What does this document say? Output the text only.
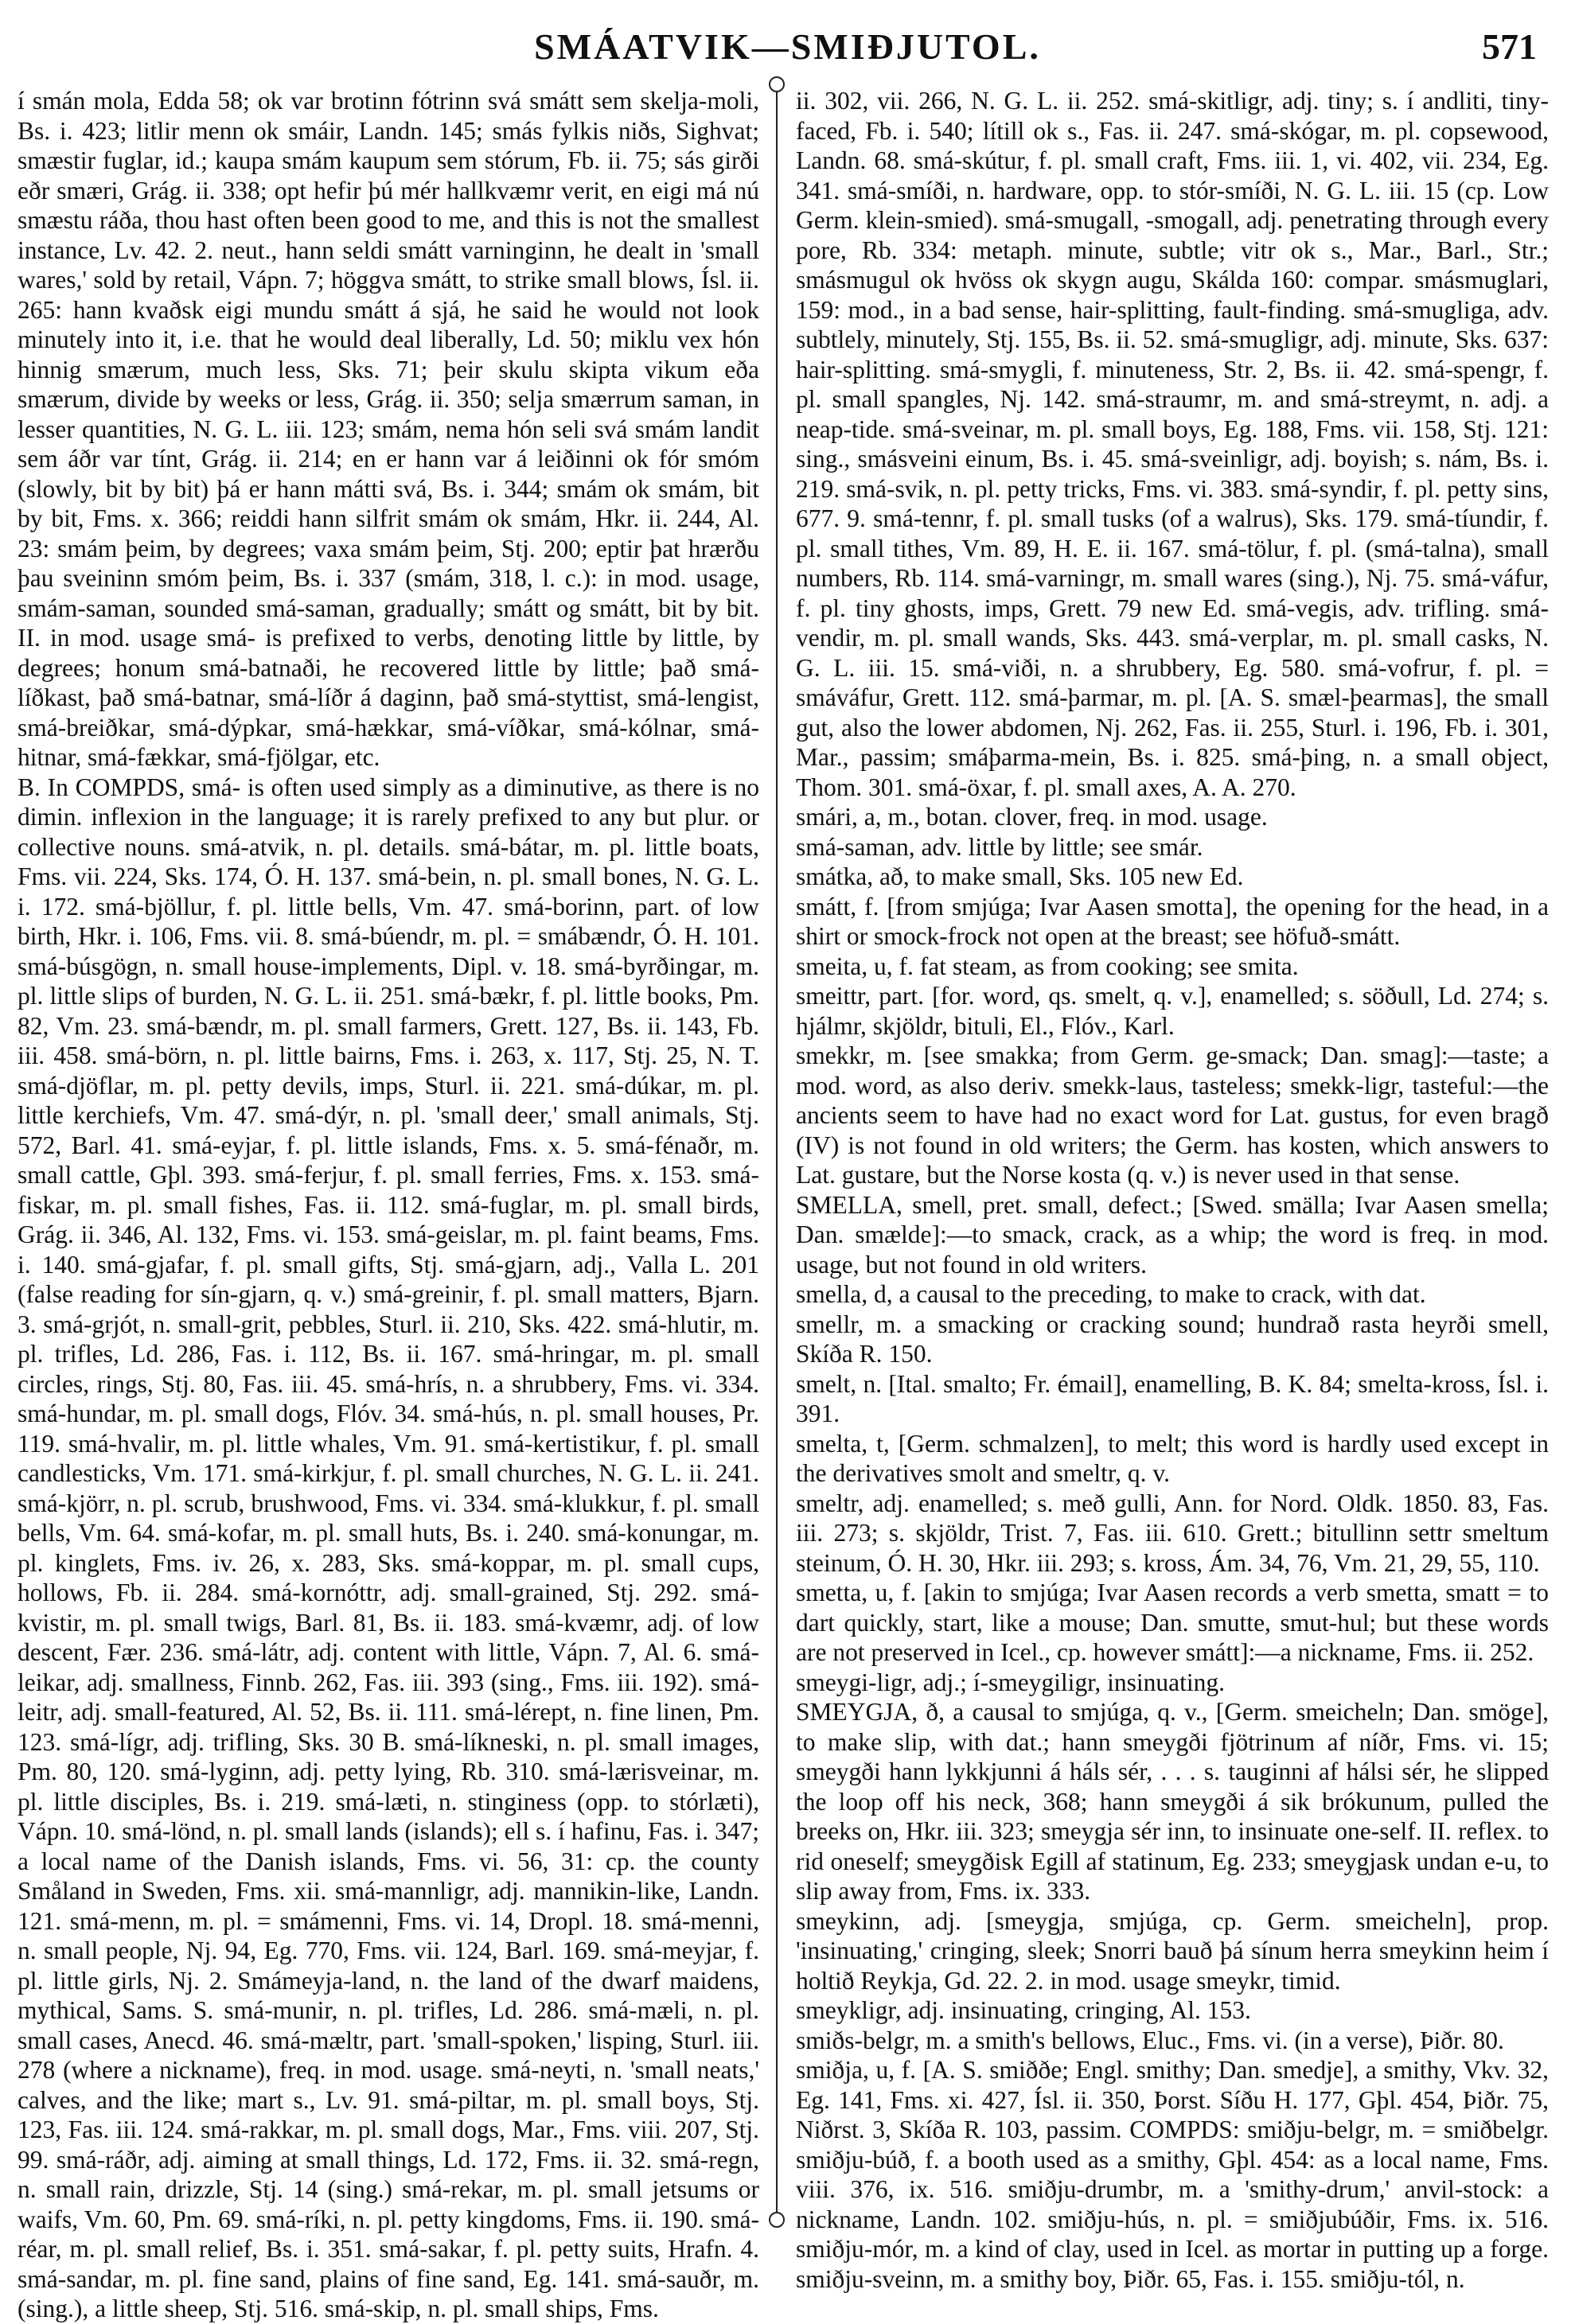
SMÁATVIK—SMIÐJUTOL.	571

í smán mola, Edda 58; ok var brotinn fótrinn svá smátt sem skelja-moli, Bs. i. 423; litlir menn ok smáir, Landn. 145; smás fylkis niðs, Sighvat; smæstir fuglar, id.; kaupa smám kaupum sem stórum, Fb. ii. 75; sás girði eðr smæri, Grág. ii. 338; opt hefir þú mér hallkvæmr verit, en eigi má nú smæstu ráða, thou hast often been good to me, and this is not the smallest instance, Lv. 42. 2. neut., hann seldi smátt varninginn, he dealt in 'small wares,' sold by retail, Vápn. 7; höggva smátt, to strike small blows, Ísl. ii. 265: hann kvaðsk eigi mundu smátt á sjá, he said he would not look minutely into it, i.e. that he would deal liberally, Ld. 50; miklu vex hón hinnig smærum, much less, Sks. 71; þeir skulu skipta vikum eða smærum, divide by weeks or less, Grág. ii. 350; selja smærrum saman, in lesser quantities, N. G. L. iii. 123; smám, nema hón seli svá smám landit sem áðr var tínt, Grág. ii. 214; en er hann var á leiðinni ok fór smóm (slowly, bit by bit) þá er hann mátti svá, Bs. i. 344; smám ok smám, bit by bit, Fms. x. 366; reiddi hann silfrit smám ok smám, Hkr. ii. 244, Al. 23: smám þeim, by degrees; vaxa smám þeim, Stj. 200; eptir þat hrærðu þau sveininn smóm þeim, Bs. i. 337 (smám, 318, l. c.): in mod. usage, smám-saman, sounded smá-saman, gradually; smátt og smátt, bit by bit. II. in mod. usage smá- is prefixed to verbs, denoting little by little, by degrees; honum smá-batnaði, he recovered little by little; það smá-líðkast, það smá-batnar, smá-líðr á daginn, það smá-styttist, smá-lengist, smá-breiðkar, smá-dýpkar, smá-hækkar, smá-víðkar, smá-kólnar, smá-hitnar, smá-fækkar, smá-fjölgar, etc.

B. In COMPDS, smá- is often used simply as a diminutive, as there is no dimin. inflexion in the language; it is rarely prefixed to any but plur. or collective nouns. smá-atvik, n. pl. details. smá-bátar, m. pl. little boats, Fms. vii. 224, Sks. 174, Ó. H. 137. smá-bein, n. pl. small bones, N. G. L. i. 172. smá-bjöllur, f. pl. little bells, Vm. 47. smá-borinn, part. of low birth, Hkr. i. 106, Fms. vii. 8. smá-búendr, m. pl. = smábændr, Ó. H. 101. smá-búsgögn, n. small house-implements, Dipl. v. 18. smá-byrðingar, m. pl. little slips of burden, N. G. L. ii. 251. smá-bækr, f. pl. little books, Pm. 82, Vm. 23. smá-bændr, m. pl. small farmers, Grett. 127, Bs. ii. 143, Fb. iii. 458. smá-börn, n. pl. little bairns, Fms. i. 263, x. 117, Stj. 25, N. T. smá-djöflar, m. pl. petty devils, imps, Sturl. ii. 221. smá-dúkar, m. pl. little kerchiefs, Vm. 47. smá-dýr, n. pl. 'small deer,' small animals, Stj. 572, Barl. 41. smá-eyjar, f. pl. little islands, Fms. x. 5. smá-fénaðr, m. small cattle, Gþl. 393. smá-ferjur, f. pl. small ferries, Fms. x. 153. smá-fiskar, m. pl. small fishes, Fas. ii. 112. smá-fuglar, m. pl. small birds, Grág. ii. 346, Al. 132, Fms. vi. 153. smá-geislar, m. pl. faint beams, Fms. i. 140. smá-gjafar, f. pl. small gifts, Stj. smá-gjarn, adj., Valla L. 201 (false reading for sín-gjarn, q. v.) smá-greinir, f. pl. small matters, Bjarn. 3. smá-grjót, n. small-grit, pebbles, Sturl. ii. 210, Sks. 422. smá-hlutir, m. pl. trifles, Ld. 286, Fas. i. 112, Bs. ii. 167. smá-hringar, m. pl. small circles, rings, Stj. 80, Fas. iii. 45. smá-hrís, n. a shrubbery, Fms. vi. 334. smá-hundar, m. pl. small dogs, Flóv. 34. smá-hús, n. pl. small houses, Pr. 119. smá-hvalir, m. pl. little whales, Vm. 91. smá-kertistikur, f. pl. small candlesticks, Vm. 171. smá-kirkjur, f. pl. small churches, N. G. L. ii. 241. smá-kjörr, n. pl. scrub, brushwood, Fms. vi. 334. smá-klukkur, f. pl. small bells, Vm. 64. smá-kofar, m. pl. small huts, Bs. i. 240. smá-konungar, m. pl. kinglets, Fms. iv. 26, x. 283, Sks. smá-koppar, m. pl. small cups, hollows, Fb. ii. 284. smá-kornóttr, adj. small-grained, Stj. 292. smá-kvistir, m. pl. small twigs, Barl. 81, Bs. ii. 183. smá-kvæmr, adj. of low descent, Fær. 236. smá-látr, adj. content with little, Vápn. 7, Al. 6. smá-leikar, adj. smallness, Finnb. 262, Fas. iii. 393 (sing., Fms. iii. 192). smá-leitr, adj. small-featured, Al. 52, Bs. ii. 111. smá-lérept, n. fine linen, Pm. 123. smá-lígr, adj. trifling, Sks. 30 B. smá-líkneski, n. pl. small images, Pm. 80, 120. smá-lyginn, adj. petty lying, Rb. 310. smá-lærisveinar, m. pl. little disciples, Bs. i. 219. smá-læti, n. stinginess (opp. to stórlæti), Vápn. 10. smá-lönd, n. pl. small lands (islands); ell s. í hafinu, Fas. i. 347; a local name of the Danish islands, Fms. vi. 56, 31: cp. the county Småland in Sweden, Fms. xii. smá-mannligr, adj. mannikin-like, Landn. 121. smá-menn, m. pl. = smámenni, Fms. vi. 14, Dropl. 18. smá-menni, n. small people, Nj. 94, Eg. 770, Fms. vii. 124, Barl. 169. smá-meyjar, f. pl. little girls, Nj. 2. Smámeyja-land, n. the land of the dwarf maidens, mythical, Sams. S. smá-munir, n. pl. trifles, Ld. 286. smá-mæli, n. pl. small cases, Anecd. 46. smá-mæltr, part. 'small-spoken,' lisping, Sturl. iii. 278 (where a nickname), freq. in mod. usage. smá-neyti, n. 'small neats,' calves, and the like; mart s., Lv. 91. smá-piltar, m. pl. small boys, Stj. 123, Fas. iii. 124. smá-rakkar, m. pl. small dogs, Mar., Fms. viii. 207, Stj. 99. smá-ráðr, adj. aiming at small things, Ld. 172, Fms. ii. 32. smá-regn, n. small rain, drizzle, Stj. 14 (sing.) smá-rekar, m. pl. small jetsums or waifs, Vm. 60, Pm. 69. smá-ríki, n. pl. petty kingdoms, Fms. ii. 190. smá-réar, m. pl. small relief, Bs. i. 351. smá-sakar, f. pl. petty suits, Hrafn. 4. smá-sandar, m. pl. fine sand, plains of fine sand, Eg. 141. smá-sauðr, m. (sing.), a little sheep, Stj. 516. smá-skip, n. pl. small ships, Fms.

ii. 302, vii. 266, N. G. L. ii. 252. smá-skitligr, adj. tiny; s. í andliti, tiny-faced, Fb. i. 540; lítill ok s., Fas. ii. 247. smá-skógar, m. pl. copsewood, Landn. 68. smá-skútur, f. pl. small craft, Fms. iii. 1, vi. 402, vii. 234, Eg. 341. smá-smíði, n. hardware, opp. to stór-smíði, N. G. L. iii. 15 (cp. Low Germ. klein-smied). smá-smugall, -smogall, adj. penetrating through every pore, Rb. 334: metaph. minute, subtle; vitr ok s., Mar., Barl., Str.; smásmugul ok hvöss ok skygn augu, Skálda 160: compar. smásmuglari, 159: mod., in a bad sense, hair-splitting, fault-finding. smá-smugliga, adv. subtlely, minutely, Stj. 155, Bs. ii. 52. smá-smugligr, adj. minute, Sks. 637: hair-splitting. smá-smygli, f. minuteness, Str. 2, Bs. ii. 42. smá-spengr, f. pl. small spangles, Nj. 142. smá-straumr, m. and smá-streymt, n. adj. a neap-tide. smá-sveinar, m. pl. small boys, Eg. 188, Fms. vii. 158, Stj. 121: sing., smásveini einum, Bs. i. 45. smá-sveinligr, adj. boyish; s. nám, Bs. i. 219. smá-svik, n. pl. petty tricks, Fms. vi. 383. smá-syndir, f. pl. petty sins, 677. 9. smá-tennr, f. pl. small tusks (of a walrus), Sks. 179. smá-tíundir, f. pl. small tithes, Vm. 89, H. E. ii. 167. smá-tölur, f. pl. (smá-talna), small numbers, Rb. 114. smá-varningr, m. small wares (sing.), Nj. 75. smá-váfur, f. pl. tiny ghosts, imps, Grett. 79 new Ed. smá-vegis, adv. trifling. smá-vendir, m. pl. small wands, Sks. 443. smá-verplar, m. pl. small casks, N. G. L. iii. 15. smá-viði, n. a shrubbery, Eg. 580. smá-vofrur, f. pl. = smáváfur, Grett. 112. smá-þarmar, m. pl. [A. S. smæl-þearmas], the small gut, also the lower abdomen, Nj. 262, Fas. ii. 255, Sturl. i. 196, Fb. i. 301, Mar., passim; smáþarma-mein, Bs. i. 825. smá-þing, n. a small object, Thom. 301. smá-öxar, f. pl. small axes, A. A. 270.

smári, a, m., botan. clover, freq. in mod. usage.

smá-saman, adv. little by little; see smár.

smátka, að, to make small, Sks. 105 new Ed.

smátt, f. [from smjúga; Ivar Aasen smotta], the opening for the head, in a shirt or smock-frock not open at the breast; see höfuð-smátt.

smeita, u, f. fat steam, as from cooking; see smita.

smeittr, part. [for. word, qs. smelt, q. v.], enamelled; s. söðull, Ld. 274; s. hjálmr, skjöldr, bituli, El., Flóv., Karl.

smekkr, m. [see smakka; from Germ. ge-smack; Dan. smag]:—taste; a mod. word, as also deriv. smekk-laus, tasteless; smekk-ligr, tasteful:—the ancients seem to have had no exact word for Lat. gustus, for even bragð (IV) is not found in old writers; the Germ. has kosten, which answers to Lat. gustare, but the Norse kosta (q. v.) is never used in that sense.

SMELLA, smell, pret. small, defect.; [Swed. smälla; Ivar Aasen smella; Dan. smælde]:—to smack, crack, as a whip; the word is freq. in mod. usage, but not found in old writers.

smella, d, a causal to the preceding, to make to crack, with dat.

smellr, m. a smacking or cracking sound; hundrað rasta heyrði smell, Skíða R. 150.

smelt, n. [Ital. smalto; Fr. émail], enamelling, B. K. 84; smelta-kross, Ísl. i. 391.

smelta, t, [Germ. schmalzen], to melt; this word is hardly used except in the derivatives smolt and smeltr, q. v.

smeltr, adj. enamelled; s. með gulli, Ann. for Nord. Oldk. 1850. 83, Fas. iii. 273; s. skjöldr, Trist. 7, Fas. iii. 610. Grett.; bitullinn settr smeltum steinum, Ó. H. 30, Hkr. iii. 293; s. kross, Ám. 34, 76, Vm. 21, 29, 55, 110.

smetta, u, f. [akin to smjúga; Ivar Aasen records a verb smetta, smatt = to dart quickly, start, like a mouse; Dan. smutte, smut-hul; but these words are not preserved in Icel., cp. however smátt]:—a nickname, Fms. ii. 252.

smeygi-ligr, adj.; í-smeygiligr, insinuating.

SMEYGJA, ð, a causal to smjúga, q. v., [Germ. smeicheln; Dan. smöge], to make slip, with dat.; hann smeygði fjötrinum af níðr, Fms. vi. 15; smeygði hann lykkjunni á háls sér, . . . s. tauginni af hálsi sér, he slipped the loop off his neck, 368; hann smeygði á sik brókunum, pulled the breeks on, Hkr. iii. 323; smeygja sér inn, to insinuate one-self. II. reflex. to rid oneself; smeygðisk Egill af statinum, Eg. 233; smeygjask undan e-u, to slip away from, Fms. ix. 333.

smeykinn, adj. [smeygja, smjúga, cp. Germ. smeicheln], prop. 'insinuating,' cringing, sleek; Snorri bauð þá sínum herra smeykinn heim í holtið Reykja, Gd. 22. 2. in mod. usage smeykr, timid.

smeykligr, adj. insinuating, cringing, Al. 153.

smiðs-belgr, m. a smith's bellows, Eluc., Fms. vi. (in a verse), Þiðr. 80.

smiðja, u, f. [A. S. smiððe; Engl. smithy; Dan. smedje], a smithy, Vkv. 32, Eg. 141, Fms. xi. 427, Ísl. ii. 350, Þorst. Síðu H. 177, Gþl. 454, Þiðr. 75, Niðrst. 3, Skíða R. 103, passim. COMPDS: smiðju-belgr, m. = smiðbelgr. smiðju-búð, f. a booth used as a smithy, Gþl. 454: as a local name, Fms. viii. 376, ix. 516. smiðju-drumbr, m. a 'smithy-drum,' anvil-stock: a nickname, Landn. 102. smiðju-hús, n. pl. = smiðjubúðir, Fms. ix. 516. smiðju-mór, m. a kind of clay, used in Icel. as mortar in putting up a forge. smiðju-sveinn, m. a smithy boy, Þiðr. 65, Fas. i. 155. smiðju-tól, n.
